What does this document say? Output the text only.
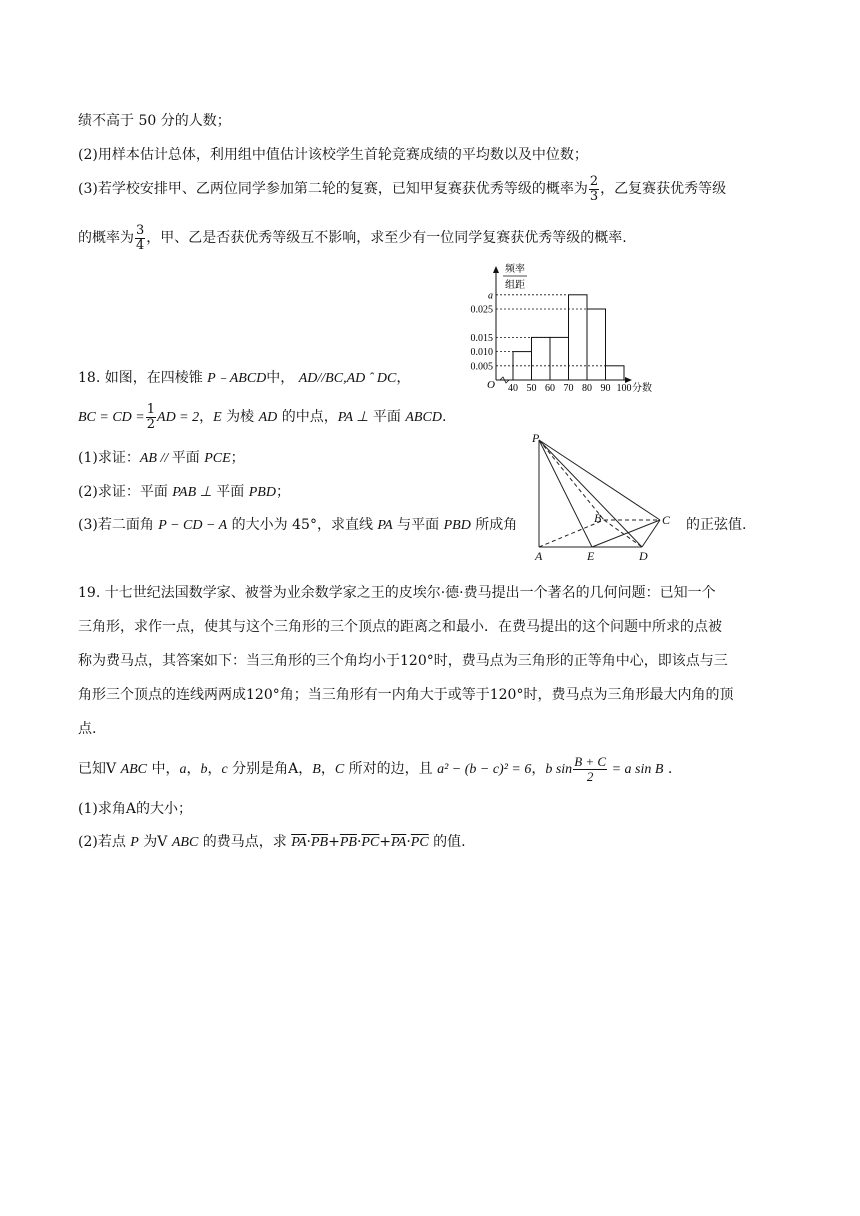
绩不高于 50 分的人数；
(2)用样本估计总体，利用组中值估计该校学生首轮竞赛成绩的平均数以及中位数；
(3)若学校安排甲、乙两位同学参加第二轮的复赛，已知甲复赛获优秀等级的概率为 $\frac{2}{3}$ ，乙复赛获优秀等级
的概率为 $\frac{3}{4}$ ，甲、乙是否获优秀等级互不影响，求至少有一位同学复赛获优秀等级的概率.
a
0.025
0.015
0.010
0.005
40 50 60 70 80 90 100
频率
组距
分数
O
18. 如图，在四棱锥 P﹣ABCD中， AD//BC,AD ˆ DC，
BC = CD = $\frac{1}{2}$ AD = 2，E 为棱 AD 的中点，PA ⊥ 平面 ABCD.
(1)求证：AB // 平面 PCE；
(2)求证：平面 PAB ⊥ 平面 PBD；
(3)若二面角 P − CD − A 的大小为 45°，求直线 PA 与平面 PBD 所成角	的正弦值.
P
A	E	D
B	C
19. 十七世纪法国数学家、被誉为业余数学家之王的皮埃尔·德·费马提出一个著名的几何问题：已知一个
三角形，求作一点，使其与这个三角形的三个顶点的距离之和最小．在费马提出的这个问题中所求的点被
称为费马点，其答案如下：当三角形的三个角均小于120°时，费马点为三角形的正等角中心，即该点与三
角形三个顶点的连线两两成120°角；当三角形有一内角大于或等于120°时，费马点为三角形最大内角的顶
点.
已知V ABC 中，a，b，c 分别是角A，B，C 所对的边，且 a² − (b − c)² = 6，b $\sin \frac{B + C}{2} = a$ sin B .
(1)求角A的大小；
(2)若点 P 为V ABC 的费马点，求 $\overline{PA}\cdot\overline{PB}+\overline{PB}\cdot\overline{PC}+\overline{PA}\cdot\overline{PC}$ 的值.
